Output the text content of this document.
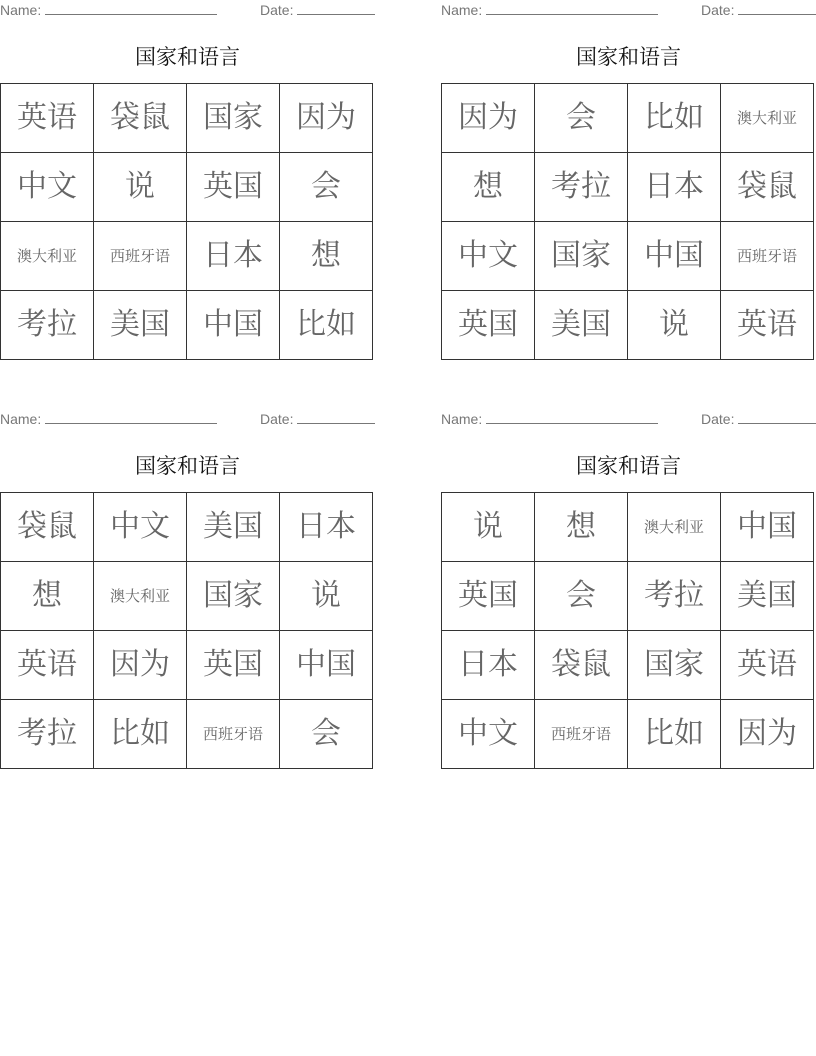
Name:	Date:
国家和语言
英语	袋鼠	国家	因为
中文	说	英国	会
澳大利亚	西班牙语	日本	想
考拉	美国	中国	比如
Name:	Date:
国家和语言
因为	会	比如	澳大利亚
想	考拉	日本	袋鼠
中文	国家	中国	西班牙语
英国	美国	说	英语
Name:	Date:
国家和语言
袋鼠	中文	美国	日本
想	澳大利亚	国家	说
英语	因为	英国	中国
考拉	比如	西班牙语	会
Name:	Date:
国家和语言
说	想	澳大利亚	中国
英国	会	考拉	美国
日本	袋鼠	国家	英语
中文	西班牙语	比如	因为
